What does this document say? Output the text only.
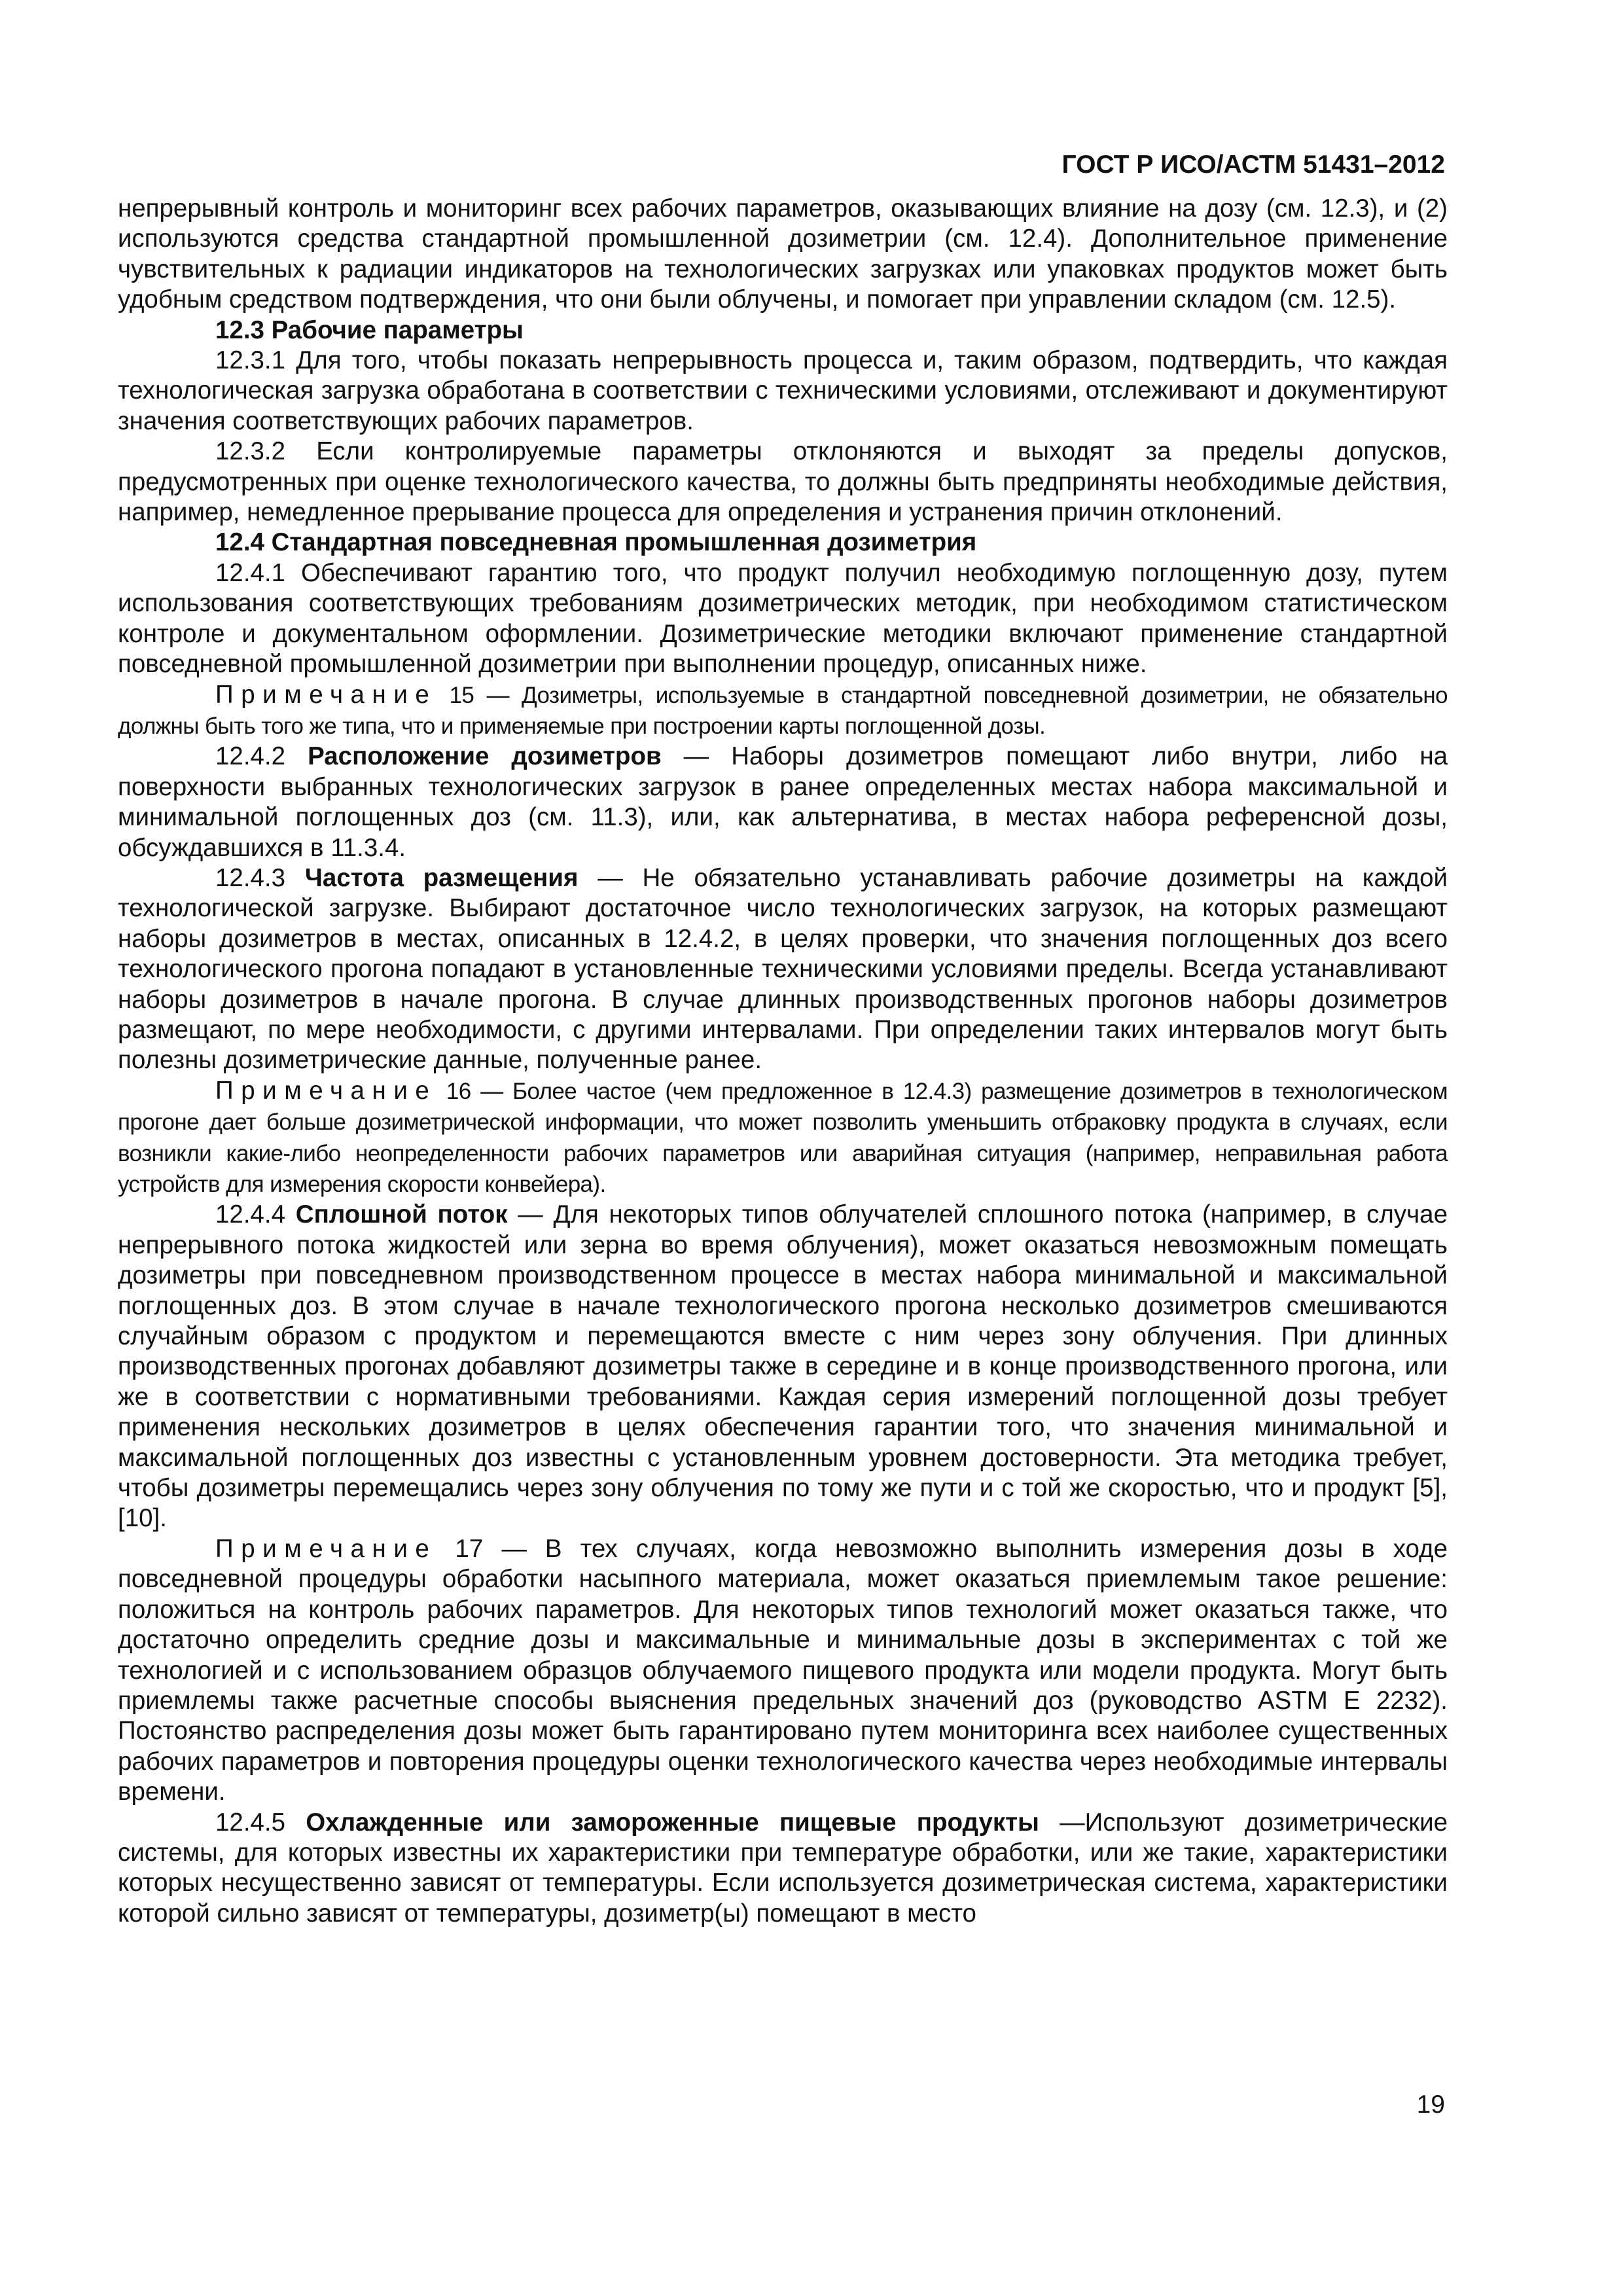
ГОСТ Р ИСО/АСТМ 51431–2012

непрерывный контроль и мониторинг всех рабочих параметров, оказывающих влияние на дозу (см. 12.3), и (2) используются средства стандартной промышленной дозиметрии (см. 12.4). Дополнительное применение чувствительных к радиации индикаторов на технологических загрузках или упаковках продуктов может быть удобным средством подтверждения, что они были облучены, и помогает при управлении складом (см. 12.5).

12.3 Рабочие параметры

12.3.1 Для того, чтобы показать непрерывность процесса и, таким образом, подтвердить, что каждая технологическая загрузка обработана в соответствии с техническими условиями, отслеживают и документируют значения соответствующих рабочих параметров.

12.3.2 Если контролируемые параметры отклоняются и выходят за пределы допусков, предусмотренных при оценке технологического качества, то должны быть предприняты необходимые действия, например, немедленное прерывание процесса для определения и устранения причин отклонений.

12.4 Стандартная повседневная промышленная дозиметрия

12.4.1 Обеспечивают гарантию того, что продукт получил необходимую поглощенную дозу, путем использования соответствующих требованиям дозиметрических методик, при необходимом статистическом контроле и документальном оформлении. Дозиметрические методики включают применение стандартной повседневной промышленной дозиметрии при выполнении процедур, описанных ниже.

Примечание 15 — Дозиметры, используемые в стандартной повседневной дозиметрии, не обязательно должны быть того же типа, что и применяемые при построении карты поглощенной дозы.

12.4.2 Расположение дозиметров — Наборы дозиметров помещают либо внутри, либо на поверхности выбранных технологических загрузок в ранее определенных местах набора максимальной и минимальной поглощенных доз (см. 11.3), или, как альтернатива, в местах набора референсной дозы, обсуждавшихся в 11.3.4.

12.4.3 Частота размещения — Не обязательно устанавливать рабочие дозиметры на каждой технологической загрузке. Выбирают достаточное число технологических загрузок, на которых размещают наборы дозиметров в местах, описанных в 12.4.2, в целях проверки, что значения поглощенных доз всего технологического прогона попадают в установленные техническими условиями пределы. Всегда устанавливают наборы дозиметров в начале прогона. В случае длинных производственных прогонов наборы дозиметров размещают, по мере необходимости, с другими интервалами. При определении таких интервалов могут быть полезны дозиметрические данные, полученные ранее.

Примечание 16 — Более частое (чем предложенное в 12.4.3) размещение дозиметров в технологическом прогоне дает больше дозиметрической информации, что может позволить уменьшить отбраковку продукта в случаях, если возникли какие-либо неопределенности рабочих параметров или аварийная ситуация (например, неправильная работа устройств для измерения скорости конвейера).

12.4.4 Сплошной поток — Для некоторых типов облучателей сплошного потока (например, в случае непрерывного потока жидкостей или зерна во время облучения), может оказаться невозможным помещать дозиметры при повседневном производственном процессе в местах набора минимальной и максимальной поглощенных доз. В этом случае в начале технологического прогона несколько дозиметров смешиваются случайным образом с продуктом и перемещаются вместе с ним через зону облучения. При длинных производственных прогонах добавляют дозиметры также в середине и в конце производственного прогона, или же в соответствии с нормативными требованиями. Каждая серия измерений поглощенной дозы требует применения нескольких дозиметров в целях обеспечения гарантии того, что значения минимальной и максимальной поглощенных доз известны с установленным уровнем достоверности. Эта методика требует, чтобы дозиметры перемещались через зону облучения по тому же пути и с той же скоростью, что и продукт [5], [10].

Примечание 17 — В тех случаях, когда невозможно выполнить измерения дозы в ходе повседневной процедуры обработки насыпного материала, может оказаться приемлемым такое решение: положиться на контроль рабочих параметров. Для некоторых типов технологий может оказаться также, что достаточно определить средние дозы и максимальные и минимальные дозы в экспериментах с той же технологией и с использованием образцов облучаемого пищевого продукта или модели продукта. Могут быть приемлемы также расчетные способы выяснения предельных значений доз (руководство ASTM E 2232). Постоянство распределения дозы может быть гарантировано путем мониторинга всех наиболее существенных рабочих параметров и повторения процедуры оценки технологического качества через необходимые интервалы времени.

12.4.5 Охлажденные или замороженные пищевые продукты —Используют дозиметрические системы, для которых известны их характеристики при температуре обработки, или же такие, характеристики которых несущественно зависят от температуры. Если используется дозиметрическая система, характеристики которой сильно зависят от температуры, дозиметр(ы) помещают в место

19
